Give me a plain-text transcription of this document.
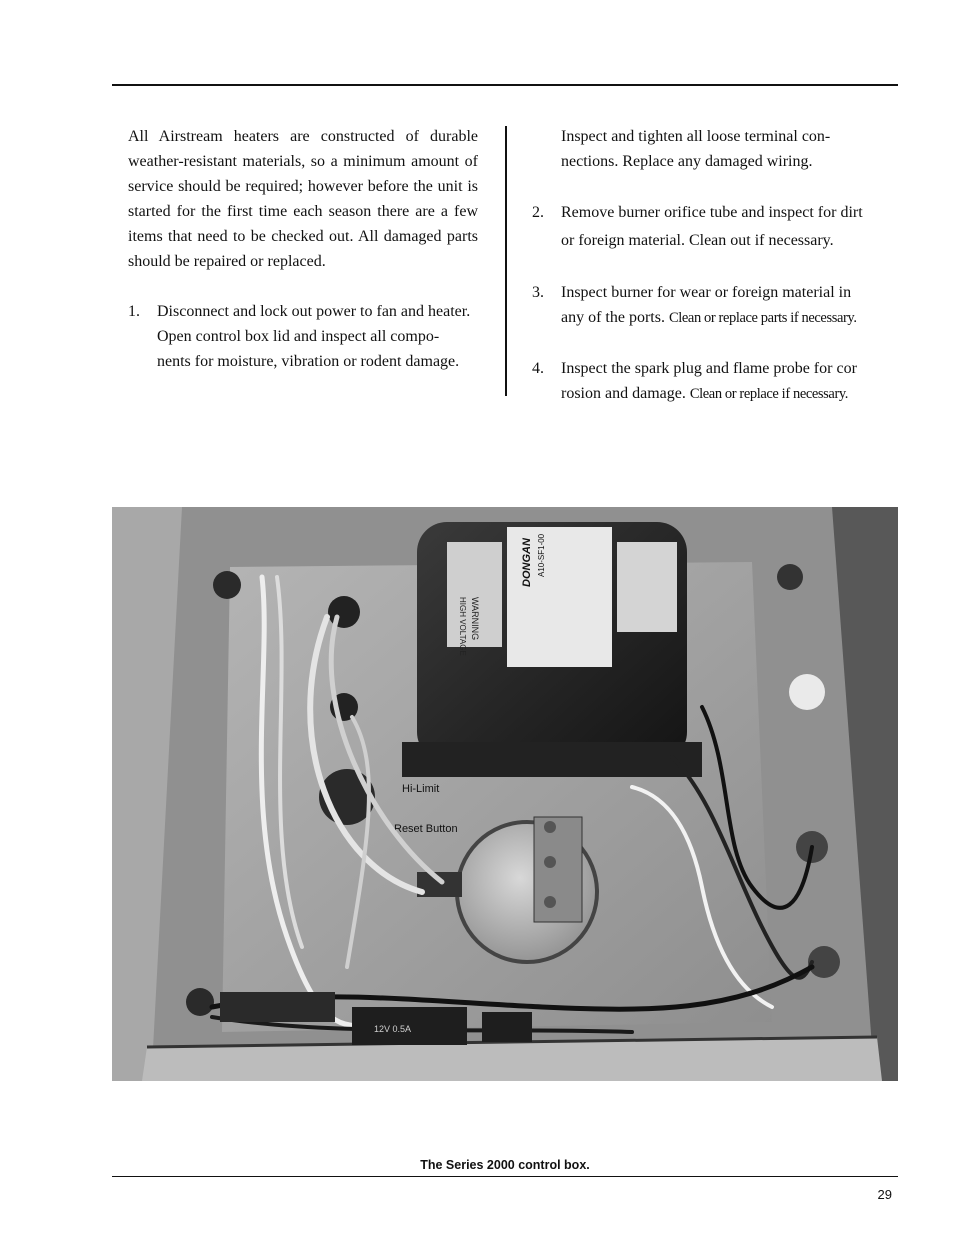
All Airstream heaters are constructed of durable weather-resistant materials, so a minimum amount of service should be required; however before the unit is started for the first time each season there are a few items that need to be checked out. All damaged parts should be repaired or replaced.

1. Disconnect and lock out power to fan and heater.
Open control box lid and inspect all compo-
nents for moisture, vibration or rodent damage.
Inspect and tighten all loose terminal con-
nections. Replace any damaged wiring.
2. Remove burner orifice tube and inspect for dirt
or foreign material. Clean out if necessary.
3. Inspect burner for wear or foreign material in
any of the ports. Clean or replace parts if necessary.
4. Inspect the spark plug and flame probe for cor
rosion and damage. Clean or replace if necessary.
WARNING
HIGH VOLTAGE
DONGAN A10-SF1-00
Hi-Limit
Reset Button
12V 0.5A
The Series 2000 control box.
29
